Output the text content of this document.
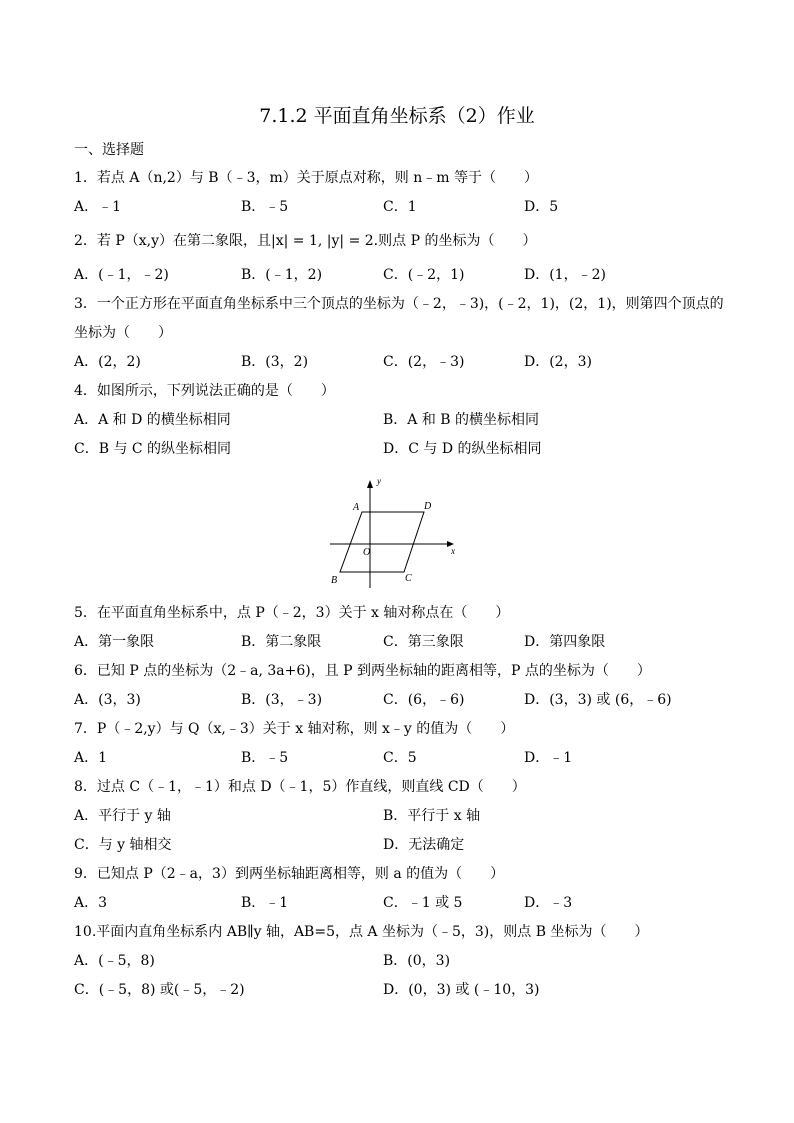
7.1.2 平面直角坐标系（2）作业
一、选择题
1．若点 A（n,2）与 B（﹣3，m）关于原点对称，则 n﹣m 等于（　　）
A．﹣1	B．﹣5	C．1	D．5
2．若 P（x,y）在第二象限，且|x| = 1, |y| = 2.则点 P 的坐标为（　　）
A．(﹣1，﹣2)	B．(﹣1，2)	C．(﹣2，1)	D．(1，﹣2)
3．一个正方形在平面直角坐标系中三个顶点的坐标为（﹣2，﹣3)，(﹣2，1)，(2，1)，则第四个顶点的
坐标为（　　）
A．(2，2)	B．(3，2)	C．(2，﹣3)	D．(2，3)
4．如图所示，下列说法正确的是（　　）
A．A 和 D 的横坐标相同	B．A 和 B 的横坐标相同
C．B 与 C 的纵坐标相同	D．C 与 D 的纵坐标相同
y
x
A	D
O
B	C
5．在平面直角坐标系中，点 P（﹣2，3）关于 x 轴对称点在（　　）
A．第一象限	B．第二象限	C．第三象限	D．第四象限
6．已知 P 点的坐标为（2﹣a, 3a+6)，且 P 到两坐标轴的距离相等，P 点的坐标为（　　）
A．(3，3)	B．(3，﹣3)	C．(6，﹣6)	D．(3，3) 或 (6，﹣6)
7．P（﹣2,y）与 Q（x,﹣3）关于 x 轴对称，则 x﹣y 的值为（　　）
A．1	B．﹣5	C．5	D．﹣1
8．过点 C（﹣1，﹣1）和点 D（﹣1，5）作直线，则直线 CD（　　）
A．平行于 y 轴	B．平行于 x 轴
C．与 y 轴相交	D．无法确定
9．已知点 P（2﹣a，3）到两坐标轴距离相等，则 a 的值为（　　）
A．3	B．﹣1	C．﹣1 或 5	D．﹣3
10.平面内直角坐标系内 AB∥y 轴，AB=5，点 A 坐标为（﹣5，3)，则点 B 坐标为（　　）
A．(﹣5，8)	B．(0，3)
C．(﹣5，8) 或(﹣5，﹣2)	D．(0，3) 或 (﹣10，3)
